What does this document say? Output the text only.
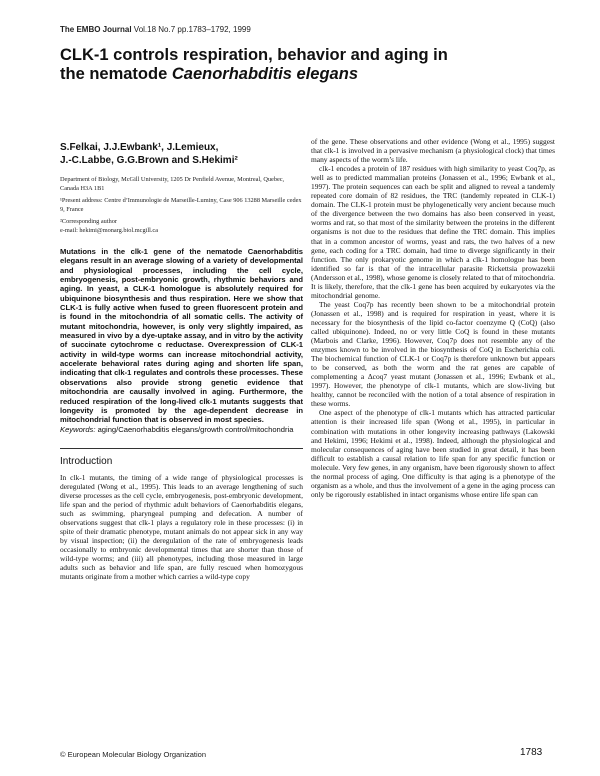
The EMBO Journal Vol.18 No.7 pp.1783–1792, 1999
CLK-1 controls respiration, behavior and aging in
the nematode Caenorhabditis elegans
S.Felkai, J.J.Ewbank¹, J.Lemieux,
J.-C.Labbe, G.G.Brown and S.Hekimi²

Department of Biology, McGill University, 1205 Dr Penfield Avenue, Montreal, Quebec, Canada H3A 1B1

¹Present address: Centre d’Immunologie de Marseille-Luminy, Case 906 13288 Marseille cedex 9, France

²Corresponding author
e-mail: hekimi@monarg.biol.mcgill.ca

Mutations in the clk-1 gene of the nematode Caenorhabditis elegans result in an average slowing of a variety of developmental and physiological processes, including the cell cycle, embryogenesis, post-embryonic growth, rhythmic behaviors and aging. In yeast, a CLK-1 homologue is absolutely required for ubiquinone biosynthesis and thus respiration. Here we show that CLK-1 is fully active when fused to green fluorescent protein and is found in the mitochondria of all somatic cells. The activity of mutant mitochondria, however, is only very slightly impaired, as measured in vivo by a dye-uptake assay, and in vitro by the activity of succinate cytochrome c reductase. Overexpression of CLK-1 activity in wild-type worms can increase mitochondrial activity, accelerate behavioral rates during aging and shorten life span, indicating that clk-1 regulates and controls these processes. These observations also provide strong genetic evidence that mitochondria are causally involved in aging. Furthermore, the reduced respiration of the long-lived clk-1 mutants suggests that longevity is promoted by the age-dependent decrease in mitochondrial function that is observed in most species.
Keywords: aging/Caenorhabditis elegans/growth control/mitochondria
Introduction

In clk-1 mutants, the timing of a wide range of physiological processes is deregulated (Wong et al., 1995). This leads to an average lengthening of such diverse processes as the cell cycle, embryogenesis, post-embryonic development, life span and the period of rhythmic adult behaviors of Caenorhabditis elegans, such as swimming, pharyngeal pumping and defecation. A number of observations suggest that clk-1 plays a regulatory role in these processes: (i) in spite of their dramatic phenotype, mutant animals do not appear sick in any way by visual inspection; (ii) the deregulation of the rate of embryogenesis leads occasionally to embryonic developmental times that are shorter than those of wild-type worms; and (iii) all phenotypes, including those measured in large adults such as behavior and life span, are fully rescued when homozygous mutants originate from a mother which carries a wild-type copy

of the gene. These observations and other evidence (Wong et al., 1995) suggest that clk-1 is involved in a pervasive mechanism (a physiological clock) that times many aspects of the worm’s life.

clk-1 encodes a protein of 187 residues with high similarity to yeast Coq7p, as well as to predicted mammalian proteins (Jonassen et al., 1996; Ewbank et al., 1997). The protein sequences can each be split and aligned to reveal a tandemly repeated core domain of 82 residues, the TRC (tandemly repeated in CLK-1) domain. The CLK-1 protein must be phylogenetically very ancient because much of the divergence between the two domains has also been conserved in yeast, worms and rat, so that most of the similarity between the proteins in the different organisms is not due to the residues that define the TRC domain. This implies that in a common ancestor of worms, yeast and rats, the two halves of a new gene, each coding for a TRC domain, had time to diverge significantly in their function. The only prokaryotic genome in which a clk-1 homologue has been identified so far is that of the intracellular parasite Rickettsia prowazekii (Andersson et al., 1998), whose genome is closely related to that of mitochondria. It is likely, therefore, that the clk-1 gene has been acquired by eukaryotes via the mitochondrial genome.

The yeast Coq7p has recently been shown to be a mitochondrial protein (Jonassen et al., 1998) and is required for respiration in yeast, where it is necessary for the biosynthesis of the lipid co-factor coenzyme Q (CoQ) (also called ubiquinone). Indeed, no or very little CoQ is found in these mutants (Marbois and Clarke, 1996). However, Coq7p does not resemble any of the enzymes known to be involved in the biosynthesis of CoQ in Escherichia coli. The biochemical function of CLK-1 or Coq7p is therefore unknown but appears to be conserved, as both the worm and the rat genes are capable of complementing a Δcoq7 yeast mutant (Jonassen et al., 1996; Ewbank et al., 1997). However, the phenotype of clk-1 mutants, which are slow-living but healthy, cannot be reconciled with the notion of a total absence of respiration in these worms.

One aspect of the phenotype of clk-1 mutants which has attracted particular attention is their increased life span (Wong et al., 1995), in particular in combination with mutations in other longevity increasing pathways (Lakowski and Hekimi, 1996; Hekimi et al., 1998). Indeed, although the physiological and molecular consequences of aging have been studied in great detail, it has been difficult to establish a causal relation to life span for any specific function or molecule. Very few genes, in any organism, have been rigorously shown to affect the normal process of aging. One difficulty is that aging is a phenotype of the organism as a whole, and thus the involvement of a gene in the aging process can only be rigorously established in intact organisms whose entire life span can

© European Molecular Biology Organization	1783
